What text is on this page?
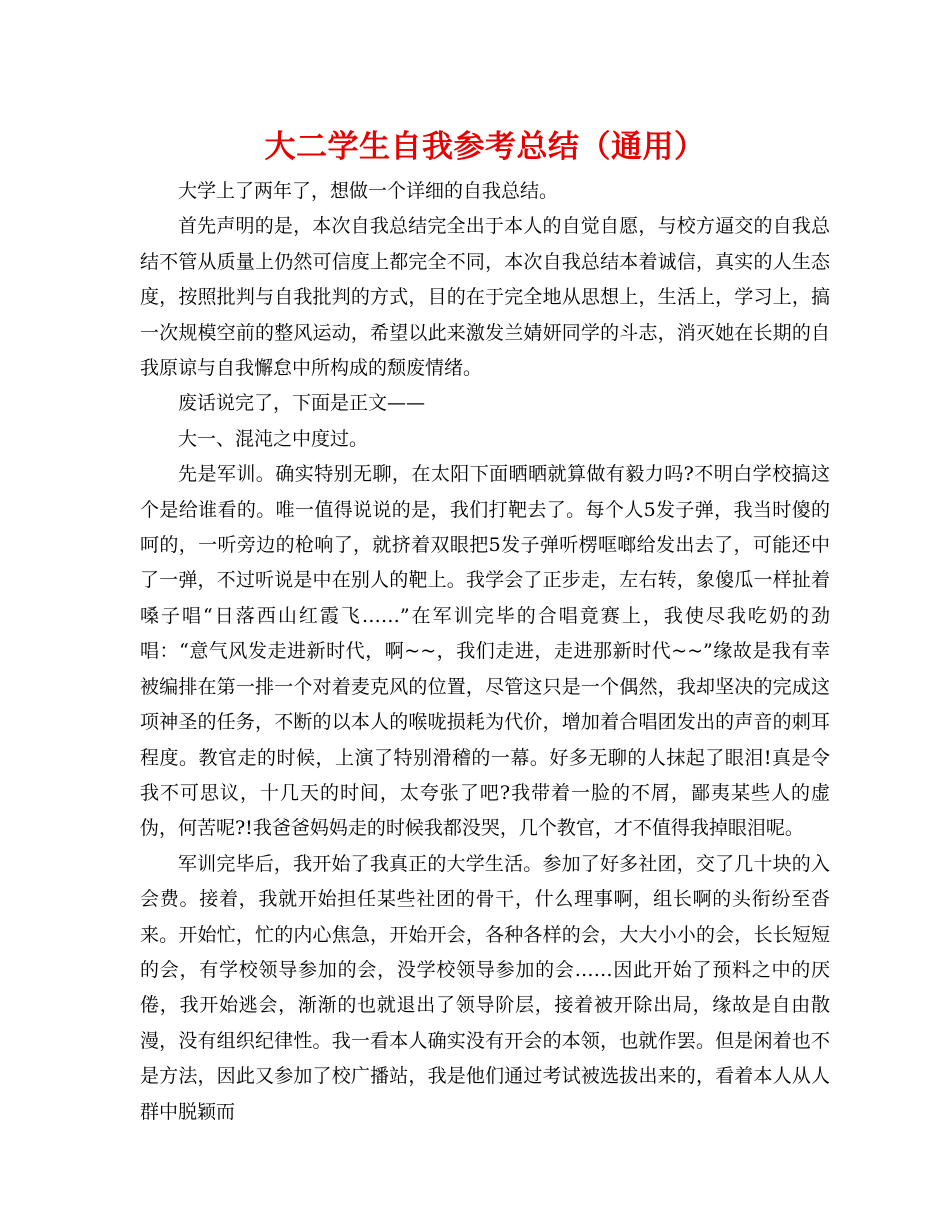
大二学生自我参考总结（通用）

大学上了两年了，想做一个详细的自我总结。

首先声明的是，本次自我总结完全出于本人的自觉自愿，与校方逼交的自我总结不管从质量上仍然可信度上都完全不同，本次自我总结本着诚信，真实的人生态度，按照批判与自我批判的方式，目的在于完全地从思想上，生活上，学习上，搞一次规模空前的整风运动，希望以此来激发兰婧妍同学的斗志，消灭她在长期的自我原谅与自我懈怠中所构成的颓废情绪。

废话说完了，下面是正文——

大一、混沌之中度过。

先是军训。确实特别无聊，在太阳下面晒晒就算做有毅力吗?不明白学校搞这个是给谁看的。唯一值得说说的是，我们打靶去了。每个人5发子弹，我当时傻的呵的，一听旁边的枪响了，就挤着双眼把5发子弹听楞哐啷给发出去了，可能还中了一弹，不过听说是中在别人的靶上。我学会了正步走，左右转，象傻瓜一样扯着嗓子唱“日落西山红霞飞……”在军训完毕的合唱竟赛上，我使尽我吃奶的劲唱：“意气风发走进新时代，啊~~，我们走进，走进那新时代~~”缘故是我有幸被编排在第一排一个对着麦克风的位置，尽管这只是一个偶然，我却坚决的完成这项神圣的任务，不断的以本人的喉咙损耗为代价，增加着合唱团发出的声音的刺耳程度。教官走的时候，上演了特别滑稽的一幕。好多无聊的人抹起了眼泪!真是令我不可思议，十几天的时间，太夸张了吧?我带着一脸的不屑，鄙夷某些人的虚伪，何苦呢?!我爸爸妈妈走的时候我都没哭，几个教官，才不值得我掉眼泪呢。

军训完毕后，我开始了我真正的大学生活。参加了好多社团，交了几十块的入会费。接着，我就开始担任某些社团的骨干，什么理事啊，组长啊的头衔纷至沓来。开始忙，忙的内心焦急，开始开会，各种各样的会，大大小小的会，长长短短的会，有学校领导参加的会，没学校领导参加的会……因此开始了预料之中的厌倦，我开始逃会，渐渐的也就退出了领导阶层，接着被开除出局，缘故是自由散漫，没有组织纪律性。我一看本人确实没有开会的本领，也就作罢。但是闲着也不是方法，因此又参加了校广播站，我是他们通过考试被选拔出来的，看着本人从人群中脱颖而
